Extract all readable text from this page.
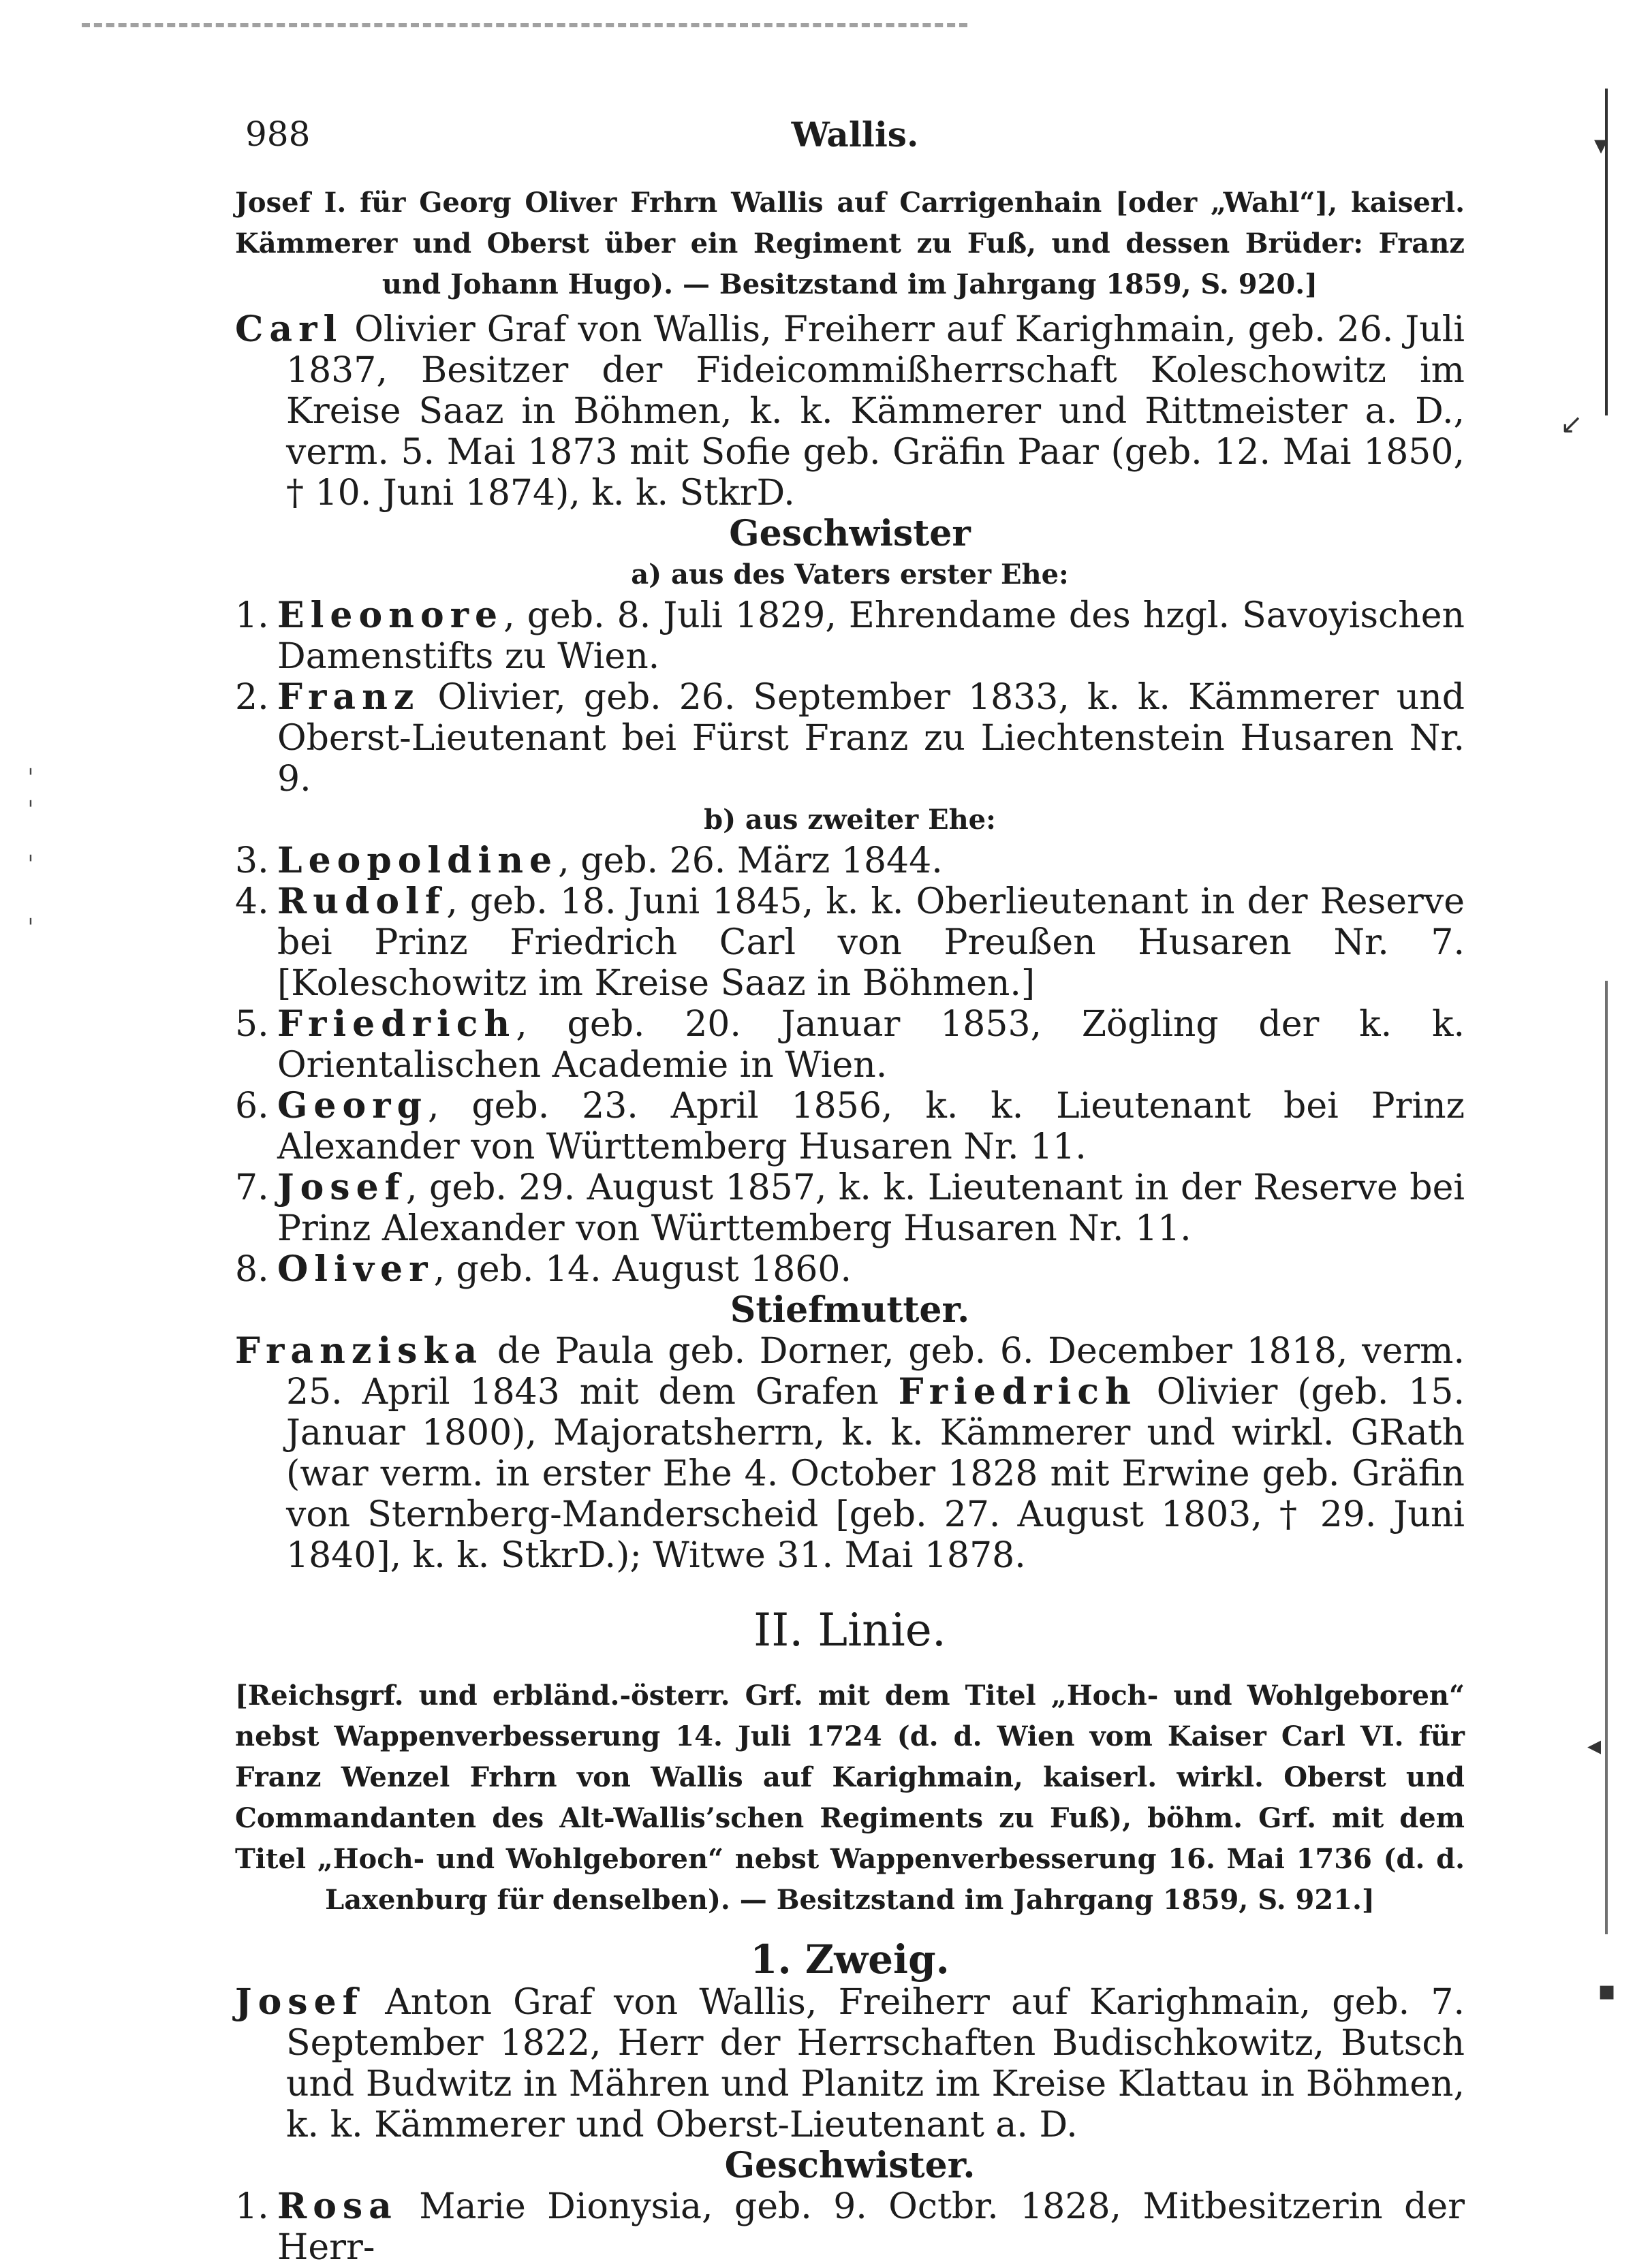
988	Wallis.
Josef I. für Georg Oliver Frhrn Wallis auf Carrigenhain [oder „Wahl“], kaiserl. Kämmerer und Oberst über ein Regiment zu Fuß, und dessen Brüder: Franz und Johann Hugo). — Besitzstand im Jahrgang 1859, S. 920.]
Carl Olivier Graf von Wallis, Freiherr auf Karighmain, geb. 26. Juli 1837, Besitzer der Fideicommißherrschaft Koleschowitz im Kreise Saaz in Böhmen, k. k. Kämmerer und Rittmeister a. D., verm. 5. Mai 1873 mit Sofie geb. Gräfin Paar (geb. 12. Mai 1850, † 10. Juni 1874), k. k. StkrD.
Geschwister
a) aus des Vaters erster Ehe:
1. Eleonore, geb. 8. Juli 1829, Ehrendame des hzgl. Savoyischen Damenstifts zu Wien.
2. Franz Olivier, geb. 26. September 1833, k. k. Kämmerer und Oberst-Lieutenant bei Fürst Franz zu Liechtenstein Husaren Nr. 9.
b) aus zweiter Ehe:
3. Leopoldine, geb. 26. März 1844.
4. Rudolf, geb. 18. Juni 1845, k. k. Oberlieutenant in der Reserve bei Prinz Friedrich Carl von Preußen Husaren Nr. 7. [Koleschowitz im Kreise Saaz in Böhmen.]
5. Friedrich, geb. 20. Januar 1853, Zögling der k. k. Orientalischen Academie in Wien.
6. Georg, geb. 23. April 1856, k. k. Lieutenant bei Prinz Alexander von Württemberg Husaren Nr. 11.
7. Josef, geb. 29. August 1857, k. k. Lieutenant in der Reserve bei Prinz Alexander von Württemberg Husaren Nr. 11.
8. Oliver, geb. 14. August 1860.
Stiefmutter.
Franziska de Paula geb. Dorner, geb. 6. December 1818, verm. 25. April 1843 mit dem Grafen Friedrich Olivier (geb. 15. Januar 1800), Majoratsherrn, k. k. Kämmerer und wirkl. GRath (war verm. in erster Ehe 4. October 1828 mit Erwine geb. Gräfin von Sternberg-Manderscheid [geb. 27. August 1803, † 29. Juni 1840], k. k. StkrD.); Witwe 31. Mai 1878.
II. Linie.
[Reichsgrf. und erbländ.-österr. Grf. mit dem Titel „Hoch- und Wohlgeboren“ nebst Wappenverbesserung 14. Juli 1724 (d. d. Wien vom Kaiser Carl VI. für Franz Wenzel Frhrn von Wallis auf Karighmain, kaiserl. wirkl. Oberst und Commandanten des Alt-Wallis’schen Regiments zu Fuß), böhm. Grf. mit dem Titel „Hoch- und Wohlgeboren“ nebst Wappenverbesserung 16. Mai 1736 (d. d. Laxenburg für denselben). — Besitzstand im Jahrgang 1859, S. 921.]
1. Zweig.
Josef Anton Graf von Wallis, Freiherr auf Karighmain, geb. 7. September 1822, Herr der Herrschaften Budischkowitz, Butsch und Budwitz in Mähren und Planitz im Kreise Klattau in Böhmen, k. k. Kämmerer und Oberst-Lieutenant a. D.
Geschwister.
1. Rosa Marie Dionysia, geb. 9. Octbr. 1828, Mitbesitzerin der Herr-
▾
↙
◂
▪
ˌ
ˈ
ˈ
ˌ
